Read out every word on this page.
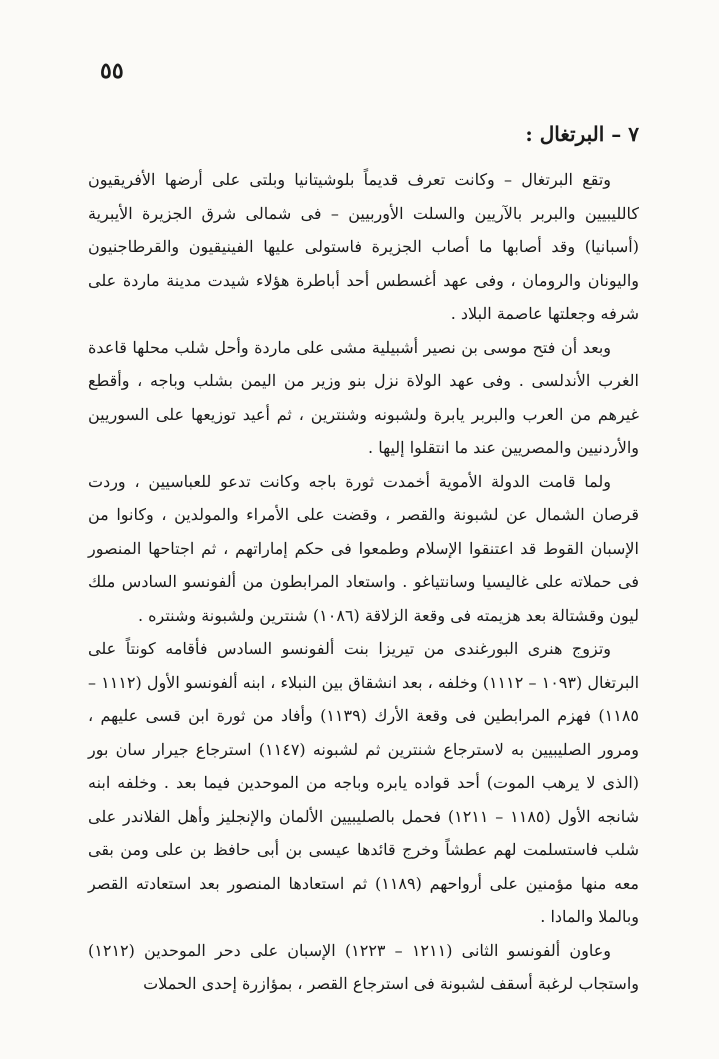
٥٥
٧ – البرتغال :

وتقع البرتغال – وكانت تعرف قديماً بلوشيتانيا وبلتى على أرضها الأفريقيون كالليبيين والبربر بالآريين والسلت الأوربيين – فى شمالى شرق الجزيرة الأيبرية (أسبانيا) وقد أصابها ما أصاب الجزيرة فاستولى عليها الفينيقيون والقرطاجنيون واليونان والرومان ، وفى عهد أغسطس أحد أباطرة هؤلاء شيدت مدينة ماردة على شرفه وجعلتها عاصمة البلاد .

وبعد أن فتح موسى بن نصير أشبيلية مشى على ماردة وأحل شلب محلها قاعدة الغرب الأندلسى . وفى عهد الولاة نزل بنو وزير من اليمن بشلب وباجه ، وأقطع غيرهم من العرب والبربر يابرة ولشبونه وشنترين ، ثم أعيد توزيعها على السوريين والأردنيين والمصريين عند ما انتقلوا إليها .

ولما قامت الدولة الأموية أخمدت ثورة باجه وكانت تدعو للعباسيين ، وردت قرصان الشمال عن لشبونة والقصر ، وقضت على الأمراء والمولدين ، وكانوا من الإسبان القوط قد اعتنقوا الإسلام وطمعوا فى حكم إماراتهم ، ثم اجتاحها المنصور فى حملاته على غاليسيا وسانتياغو . واستعاد المرابطون من ألفونسو السادس ملك ليون وقشتالة بعد هزيمته فى وقعة الزلاقة (١٠٨٦) شنترين ولشبونة وشنتره .

وتزوج هنرى البورغندى من تيريزا بنت ألفونسو السادس فأقامه كونتاً على البرتغال (١٠٩٣ – ١١١٢) وخلفه ، بعد انشقاق بين النبلاء ، ابنه ألفونسو الأول (١١١٢ – ١١٨٥) فهزم المرابطين فى وقعة الأرك (١١٣٩) وأفاد من ثورة ابن قسى عليهم ، ومرور الصليبيين به لاسترجاع شنترين ثم لشبونه (١١٤٧) استرجاع جيرار سان بور (الذى لا يرهب الموت) أحد قواده يابره وباجه من الموحدين فيما بعد . وخلفه ابنه شانجه الأول (١١٨٥ – ١٢١١) فحمل بالصليبيين الألمان والإنجليز وأهل الفلاندر على شلب فاستسلمت لهم عطشاً وخرج قائدها عيسى بن أبى حافظ بن على ومن بقى معه منها مؤمنين على أرواحهم (١١٨٩) ثم استعادها المنصور بعد استعادته القصر وبالملا والمادا .

وعاون ألفونسو الثانى (١٢١١ – ١٢٢٣) الإسبان على دحر الموحدين (١٢١٢) واستجاب لرغبة أسقف لشبونة فى استرجاع القصر ، بمؤازرة إحدى الحملات
